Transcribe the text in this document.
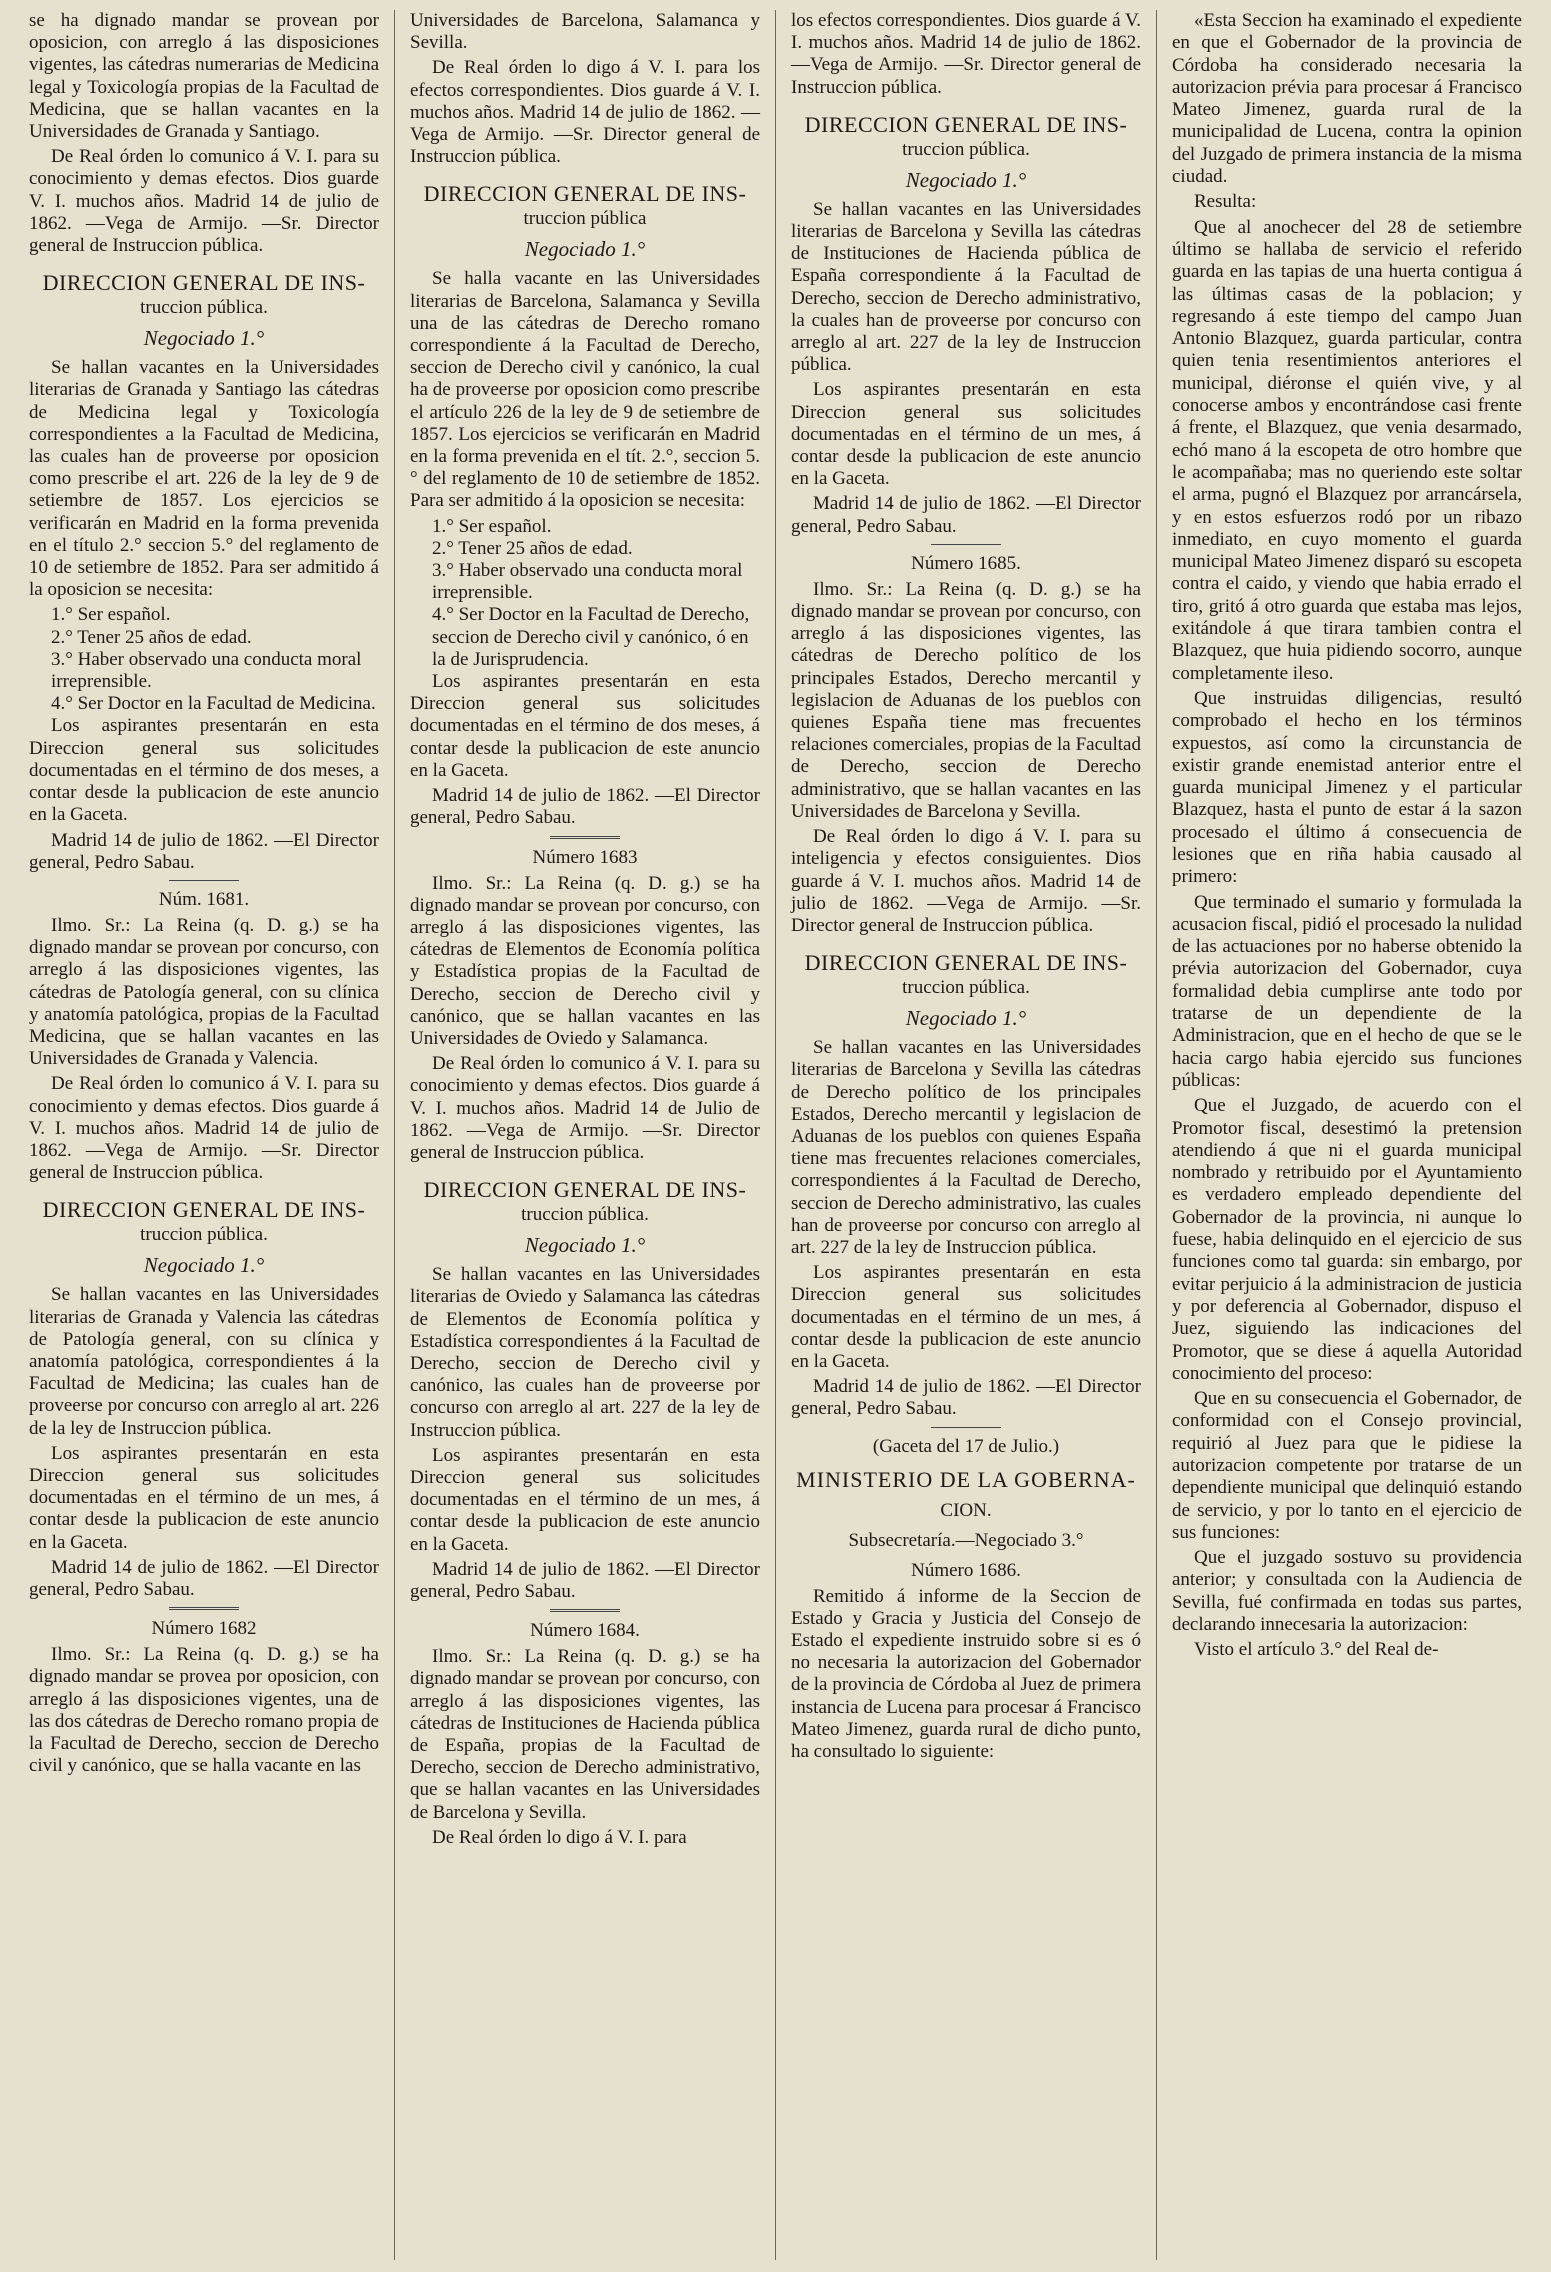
se ha dignado mandar se provean por oposicion, con arreglo á las disposiciones vigentes, las cátedras numerarias de Medicina legal y Toxicología propias de la Facultad de Medicina, que se hallan vacantes en la Universidades de Granada y Santiago.

De Real órden lo comunico á V. I. para su conocimiento y demas efectos. Dios guarde V. I. muchos años. Madrid 14 de julio de 1862. —Vega de Armijo. —Sr. Director general de Instruccion pública.

DIRECCION GENERAL DE INS-
truccion pública.
Negociado 1.°

Se hallan vacantes en la Universidades literarias de Granada y Santiago las cátedras de Medicina legal y Toxicología correspondientes a la Facultad de Medicina, las cuales han de proveerse por oposicion como prescribe el art. 226 de la ley de 9 de setiembre de 1857. Los ejercicios se verificarán en Madrid en la forma prevenida en el título 2.° seccion 5.° del reglamento de 10 de setiembre de 1852. Para ser admitido á la oposicion se necesita:

1.° Ser español.
2.° Tener 25 años de edad.
3.° Haber observado una conducta moral irreprensible.
4.° Ser Doctor en la Facultad de Medicina.

Los aspirantes presentarán en esta Direccion general sus solicitudes documentadas en el término de dos meses, a contar desde la publicacion de este anuncio en la Gaceta.

Madrid 14 de julio de 1862. —El Director general, Pedro Sabau.
Núm. 1681.

Ilmo. Sr.: La Reina (q. D. g.) se ha dignado mandar se provean por concurso, con arreglo á las disposiciones vigentes, las cátedras de Patología general, con su clínica y anatomía patológica, propias de la Facultad Medicina, que se hallan vacantes en las Universidades de Granada y Valencia.

De Real órden lo comunico á V. I. para su conocimiento y demas efectos. Dios guarde á V. I. muchos años. Madrid 14 de julio de 1862. —Vega de Armijo. —Sr. Director general de Instruccion pública.

DIRECCION GENERAL DE INS-
truccion pública.
Negociado 1.°

Se hallan vacantes en las Universidades literarias de Granada y Valencia las cátedras de Patología general, con su clínica y anatomía patológica, correspondientes á la Facultad de Medicina; las cuales han de proveerse por concurso con arreglo al art. 226 de la ley de Instruccion pública.

Los aspirantes presentarán en esta Direccion general sus solicitudes documentadas en el término de un mes, á contar desde la publicacion de este anuncio en la Gaceta.

Madrid 14 de julio de 1862. —El Director general, Pedro Sabau.
Número 1682

Ilmo. Sr.: La Reina (q. D. g.) se ha dignado mandar se provea por oposicion, con arreglo á las disposiciones vigentes, una de las dos cátedras de Derecho romano propia de la Facultad de Derecho, seccion de Derecho civil y canónico, que se halla vacante en las

Universidades de Barcelona, Salamanca y Sevilla.

De Real órden lo digo á V. I. para los efectos correspondientes. Dios guarde á V. I. muchos años. Madrid 14 de julio de 1862. —Vega de Armijo. —Sr. Director general de Instruccion pública.

DIRECCION GENERAL DE INS-
truccion pública
Negociado 1.°

Se halla vacante en las Universidades literarias de Barcelona, Salamanca y Sevilla una de las cátedras de Derecho romano correspondiente á la Facultad de Derecho, seccion de Derecho civil y canónico, la cual ha de proveerse por oposicion como prescribe el artículo 226 de la ley de 9 de setiembre de 1857. Los ejercicios se verificarán en Madrid en la forma prevenida en el tít. 2.°, seccion 5.° del reglamento de 10 de setiembre de 1852. Para ser admitido á la oposicion se necesita:

1.° Ser español.
2.° Tener 25 años de edad.
3.° Haber observado una conducta moral irreprensible.
4.° Ser Doctor en la Facultad de Derecho, seccion de Derecho civil y canónico, ó en la de Jurisprudencia.

Los aspirantes presentarán en esta Direccion general sus solicitudes documentadas en el término de dos meses, á contar desde la publicacion de este anuncio en la Gaceta.

Madrid 14 de julio de 1862. —El Director general, Pedro Sabau.
Número 1683

Ilmo. Sr.: La Reina (q. D. g.) se ha dignado mandar se provean por concurso, con arreglo á las disposiciones vigentes, las cátedras de Elementos de Economía política y Estadística propias de la Facultad de Derecho, seccion de Derecho civil y canónico, que se hallan vacantes en las Universidades de Oviedo y Salamanca.

De Real órden lo comunico á V. I. para su conocimiento y demas efectos. Dios guarde á V. I. muchos años. Madrid 14 de Julio de 1862. —Vega de Armijo. —Sr. Director general de Instruccion pública.

DIRECCION GENERAL DE INS-
truccion pública.
Negociado 1.°

Se hallan vacantes en las Universidades literarias de Oviedo y Salamanca las cátedras de Elementos de Economía política y Estadística correspondientes á la Facultad de Derecho, seccion de Derecho civil y canónico, las cuales han de proveerse por concurso con arreglo al art. 227 de la ley de Instruccion pública.

Los aspirantes presentarán en esta Direccion general sus solicitudes documentadas en el término de un mes, á contar desde la publicacion de este anuncio en la Gaceta.

Madrid 14 de julio de 1862. —El Director general, Pedro Sabau.
Número 1684.

Ilmo. Sr.: La Reina (q. D. g.) se ha dignado mandar se provean por concurso, con arreglo á las disposiciones vigentes, las cátedras de Instituciones de Hacienda pública de España, propias de la Facultad de Derecho, seccion de Derecho administrativo, que se hallan vacantes en las Universidades de Barcelona y Sevilla.

De Real órden lo digo á V. I. para

los efectos correspondientes. Dios guarde á V. I. muchos años. Madrid 14 de julio de 1862. —Vega de Armijo. —Sr. Director general de Instruccion pública.

DIRECCION GENERAL DE INS-
truccion pública.
Negociado 1.°

Se hallan vacantes en las Universidades literarias de Barcelona y Sevilla las cátedras de Instituciones de Hacienda pública de España correspondiente á la Facultad de Derecho, seccion de Derecho administrativo, la cuales han de proveerse por concurso con arreglo al art. 227 de la ley de Instruccion pública.

Los aspirantes presentarán en esta Direccion general sus solicitudes documentadas en el término de un mes, á contar desde la publicacion de este anuncio en la Gaceta.

Madrid 14 de julio de 1862. —El Director general, Pedro Sabau.
Número 1685.

Ilmo. Sr.: La Reina (q. D. g.) se ha dignado mandar se provean por concurso, con arreglo á las disposiciones vigentes, las cátedras de Derecho político de los principales Estados, Derecho mercantil y legislacion de Aduanas de los pueblos con quienes España tiene mas frecuentes relaciones comerciales, propias de la Facultad de Derecho, seccion de Derecho administrativo, que se hallan vacantes en las Universidades de Barcelona y Sevilla.

De Real órden lo digo á V. I. para su inteligencia y efectos consiguientes. Dios guarde á V. I. muchos años. Madrid 14 de julio de 1862. —Vega de Armijo. —Sr. Director general de Instruccion pública.

DIRECCION GENERAL DE INS-
truccion pública.
Negociado 1.°

Se hallan vacantes en las Universidades literarias de Barcelona y Sevilla las cátedras de Derecho político de los principales Estados, Derecho mercantil y legislacion de Aduanas de los pueblos con quienes España tiene mas frecuentes relaciones comerciales, correspondientes á la Facultad de Derecho, seccion de Derecho administrativo, las cuales han de proveerse por concurso con arreglo al art. 227 de la ley de Instruccion pública.

Los aspirantes presentarán en esta Direccion general sus solicitudes documentadas en el término de un mes, á contar desde la publicacion de este anuncio en la Gaceta.

Madrid 14 de julio de 1862. —El Director general, Pedro Sabau.
(Gaceta del 17 de Julio.)
MINISTERIO DE LA GOBERNA-
CION.
Subsecretaría.—Negociado 3.°
Número 1686.

Remitido á informe de la Seccion de Estado y Gracia y Justicia del Consejo de Estado el expediente instruido sobre si es ó no necesaria la autorizacion del Gobernador de la provincia de Córdoba al Juez de primera instancia de Lucena para procesar á Francisco Mateo Jimenez, guarda rural de dicho punto, ha consultado lo siguiente:

«Esta Seccion ha examinado el expediente en que el Gobernador de la provincia de Córdoba ha considerado necesaria la autorizacion prévia para procesar á Francisco Mateo Jimenez, guarda rural de la municipalidad de Lucena, contra la opinion del Juzgado de primera instancia de la misma ciudad.

Resulta:

Que al anochecer del 28 de setiembre último se hallaba de servicio el referido guarda en las tapias de una huerta contigua á las últimas casas de la poblacion; y regresando á este tiempo del campo Juan Antonio Blazquez, guarda particular, contra quien tenia resentimientos anteriores el municipal, diéronse el quién vive, y al conocerse ambos y encontrándose casi frente á frente, el Blazquez, que venia desarmado, echó mano á la escopeta de otro hombre que le acompañaba; mas no queriendo este soltar el arma, pugnó el Blazquez por arrancársela, y en estos esfuerzos rodó por un ribazo inmediato, en cuyo momento el guarda municipal Mateo Jimenez disparó su escopeta contra el caido, y viendo que habia errado el tiro, gritó á otro guarda que estaba mas lejos, exitándole á que tirara tambien contra el Blazquez, que huia pidiendo socorro, aunque completamente ileso.

Que instruidas diligencias, resultó comprobado el hecho en los términos expuestos, así como la circunstancia de existir grande enemistad anterior entre el guarda municipal Jimenez y el particular Blazquez, hasta el punto de estar á la sazon procesado el último á consecuencia de lesiones que en riña habia causado al primero:

Que terminado el sumario y formulada la acusacion fiscal, pidió el procesado la nulidad de las actuaciones por no haberse obtenido la prévia autorizacion del Gobernador, cuya formalidad debia cumplirse ante todo por tratarse de un dependiente de la Administracion, que en el hecho de que se le hacia cargo habia ejercido sus funciones públicas:

Que el Juzgado, de acuerdo con el Promotor fiscal, desestimó la pretension atendiendo á que ni el guarda municipal nombrado y retribuido por el Ayuntamiento es verdadero empleado dependiente del Gobernador de la provincia, ni aunque lo fuese, habia delinquido en el ejercicio de sus funciones como tal guarda: sin embargo, por evitar perjuicio á la administracion de justicia y por deferencia al Gobernador, dispuso el Juez, siguiendo las indicaciones del Promotor, que se diese á aquella Autoridad conocimiento del proceso:

Que en su consecuencia el Gobernador, de conformidad con el Consejo provincial, requirió al Juez para que le pidiese la autorizacion competente por tratarse de un dependiente municipal que delinquió estando de servicio, y por lo tanto en el ejercicio de sus funciones:

Que el juzgado sostuvo su providencia anterior; y consultada con la Audiencia de Sevilla, fué confirmada en todas sus partes, declarando innecesaria la autorizacion:

Visto el artículo 3.° del Real de-
